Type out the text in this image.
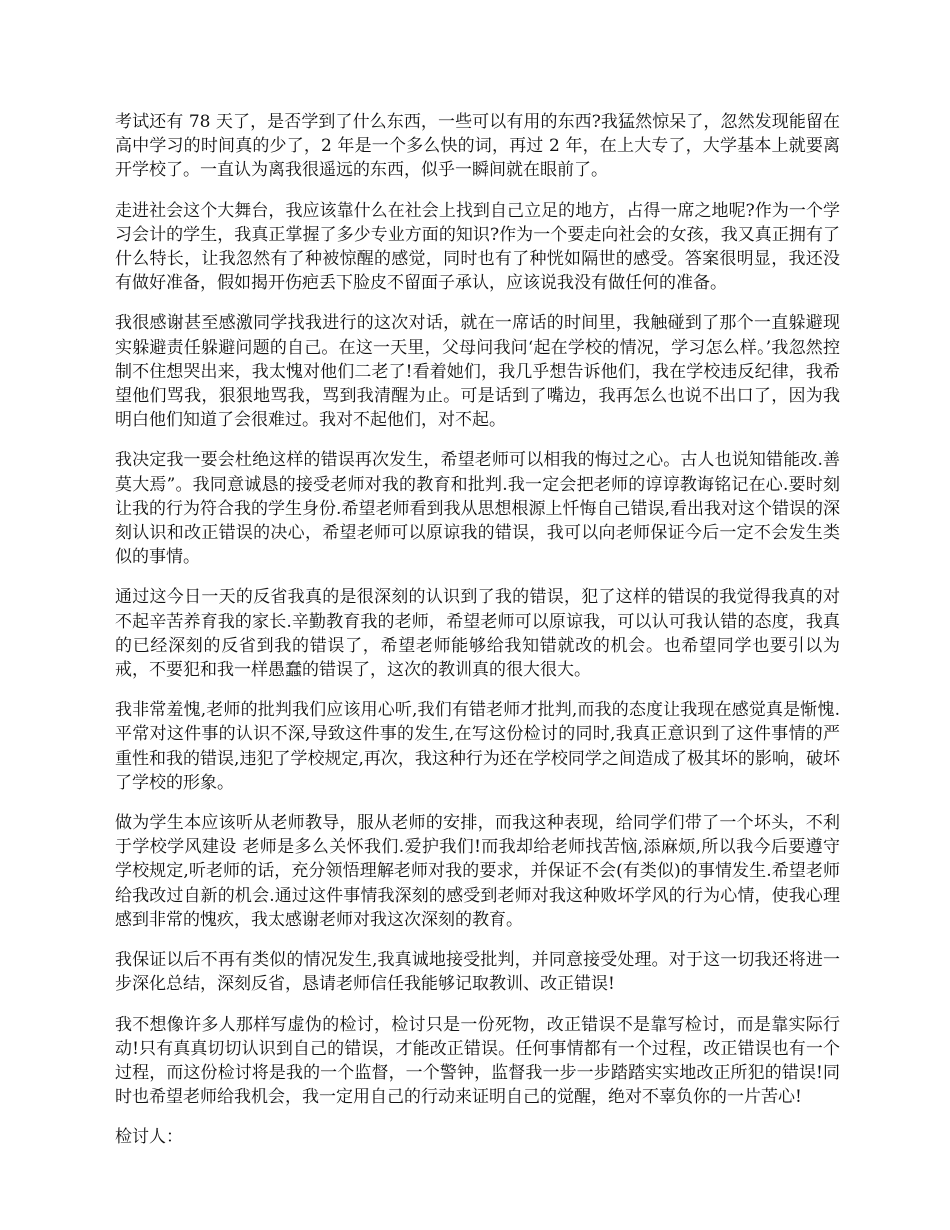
考试还有 78 天了，是否学到了什么东西，一些可以有用的东西?我猛然惊呆了，忽然发现能留在高中学习的时间真的少了，2 年是一个多么快的词，再过 2 年，在上大专了，大学基本上就要离开学校了。一直认为离我很遥远的东西，似乎一瞬间就在眼前了。

走进社会这个大舞台，我应该靠什么在社会上找到自己立足的地方，占得一席之地呢?作为一个学习会计的学生，我真正掌握了多少专业方面的知识?作为一个要走向社会的女孩，我又真正拥有了什么特长，让我忽然有了种被惊醒的感觉，同时也有了种恍如隔世的感受。答案很明显，我还没有做好准备，假如揭开伤疤丢下脸皮不留面子承认，应该说我没有做任何的准备。

我很感谢甚至感激同学找我进行的这次对话，就在一席话的时间里，我触碰到了那个一直躲避现实躲避责任躲避问题的自己。在这一天里，父母问我问‘起在学校的情况，学习怎么样。’我忽然控制不住想哭出来，我太愧对他们二老了!看着她们，我几乎想告诉他们，我在学校违反纪律，我希望他们骂我，狠狠地骂我，骂到我清醒为止。可是话到了嘴边，我再怎么也说不出口了，因为我明白他们知道了会很难过。我对不起他们，对不起。

我决定我一要会杜绝这样的错误再次发生，希望老师可以相我的悔过之心。古人也说知错能改.善莫大焉”。我同意诚恳的接受老师对我的教育和批判.我一定会把老师的谆谆教诲铭记在心.要时刻让我的行为符合我的学生身份.希望老师看到我从思想根源上忏悔自己错误,看出我对这个错误的深刻认识和改正错误的决心，希望老师可以原谅我的错误，我可以向老师保证今后一定不会发生类似的事情。

通过这今日一天的反省我真的是很深刻的认识到了我的错误，犯了这样的错误的我觉得我真的对不起辛苦养育我的家长.辛勤教育我的老师，希望老师可以原谅我，可以认可我认错的态度，我真的已经深刻的反省到我的错误了，希望老师能够给我知错就改的机会。也希望同学也要引以为戒，不要犯和我一样愚蠢的错误了，这次的教训真的很大很大。

我非常羞愧,老师的批判我们应该用心听,我们有错老师才批判,而我的态度让我现在感觉真是惭愧.平常对这件事的认识不深,导致这件事的发生,在写这份检讨的同时,我真正意识到了这件事情的严重性和我的错误,违犯了学校规定,再次，我这种行为还在学校同学之间造成了极其坏的影响，破坏了学校的形象。

做为学生本应该听从老师教导，服从老师的安排，而我这种表现，给同学们带了一个坏头，不利于学校学风建设 老师是多么关怀我们.爱护我们!而我却给老师找苦恼,添麻烦,所以我今后要遵守学校规定,听老师的话，充分领悟理解老师对我的要求，并保证不会(有类似)的事情发生.希望老师给我改过自新的机会.通过这件事情我深刻的感受到老师对我这种败坏学风的行为心情，使我心理感到非常的愧疚，我太感谢老师对我这次深刻的教育。

我保证以后不再有类似的情况发生,我真诚地接受批判，并同意接受处理。对于这一切我还将进一步深化总结，深刻反省，恳请老师信任我能够记取教训、改正错误!

我不想像许多人那样写虚伪的检讨，检讨只是一份死物，改正错误不是靠写检讨，而是靠实际行动!只有真真切切认识到自己的错误，才能改正错误。任何事情都有一个过程，改正错误也有一个过程，而这份检讨将是我的一个监督，一个警钟，监督我一步一步踏踏实实地改正所犯的错误!同时也希望老师给我机会，我一定用自己的行动来证明自己的觉醒，绝对不辜负你的一片苦心!

检讨人：
